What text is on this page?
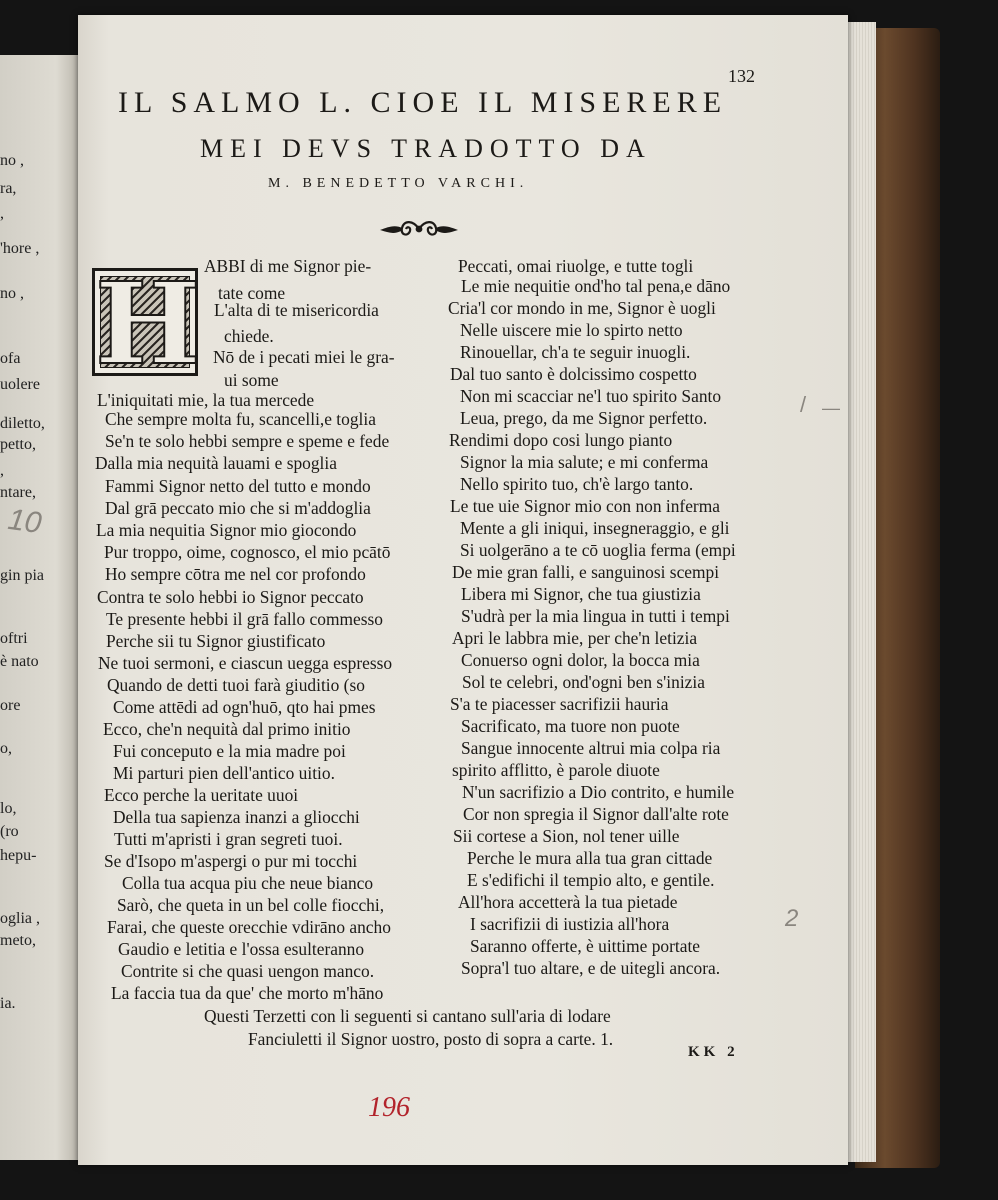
no ,
ra,
,
'hore ,
no ,
ofa
uolere
diletto,
petto,
,
ntare,
gin pia
oftri
è nato
ore
o,
lo,
(ro
hepu-
oglia ,
meto,
ia.
10
132
IL SALMO L. CIOE IL MISERERE
MEI DEVS TRADOTTO DA
M. BENEDETTO VARCHI.
H ABBI di me Signor pie-
tate come
L'alta di te misericordia
chiede.
Nō de i pecati miei le gra-
ui some
L'iniquitati mie, la tua mercede
Che sempre molta fu, scancelli,e toglia
Se'n te solo hebbi sempre e speme e fede
Dalla mia nequità lauami e spoglia
Fammi Signor netto del tutto e mondo
Dal grā peccato mio che si m'addoglia
La mia nequitia Signor mio giocondo
Pur troppo, oime, cognosco, el mio pcātō
Ho sempre cōtra me nel cor profondo
Contra te solo hebbi io Signor peccato
Te presente hebbi il grā fallo commesso
Perche sii tu Signor giustificato
Ne tuoi sermoni, e ciascun uegga espresso
Quando de detti tuoi farà giuditio (so
Come attēdi ad ogn'huō, qto hai pmes
Ecco, che'n nequità dal primo initio
Fui conceputo e la mia madre poi
Mi parturi pien dell'antico uitio.
Ecco perche la ueritate uuoi
Della tua sapienza inanzi a gliocchi
Tutti m'apristi i gran segreti tuoi.
Se d'Isopo m'aspergi o pur mi tocchi
Colla tua acqua piu che neue bianco
Sarò, che queta in un bel colle fiocchi,
Farai, che queste orecchie vdirāno ancho
Gaudio e letitia e l'ossa esulteranno
Contrite si che quasi uengon manco.
La faccia tua da que' che morto m'hāno
Peccati, omai riuolge, e tutte togli
Le mie nequitie ond'ho tal pena,e dāno
Cria'l cor mondo in me, Signor è uogli
Nelle uiscere mie lo spirto netto
Rinouellar, ch'a te seguir inuogli.
Dal tuo santo è dolcissimo cospetto
Non mi scacciar ne'l tuo spirito Santo
Leua, prego, da me Signor perfetto.
Rendimi dopo cosi lungo pianto
Signor la mia salute; e mi conferma
Nello spirito tuo, ch'è largo tanto.
Le tue uie Signor mio con non inferma
Mente a gli iniqui, insegneraggio, e gli
Si uolgerāno a te cō uoglia ferma (empi
De mie gran falli, e sanguinosi scempi
Libera mi Signor, che tua giustizia
S'udrà per la mia lingua in tutti i tempi
Apri le labbra mie, per che'n letizia
Conuerso ogni dolor, la bocca mia
Sol te celebri, ond'ogni ben s'inizia
S'a te piacesser sacrifizii hauria
Sacrificato, ma tuore non puote
Sangue innocente altrui mia colpa ria
spirito afflitto, è parole diuote
N'un sacrifizio a Dio contrito, e humile
Cor non spregia il Signor dall'alte rote
Sii cortese a Sion, nol tener uille
Perche le mura alla tua gran cittade
E s'edifichi il tempio alto, e gentile.
All'hora accetterà la tua pietade
I sacrifizii di iustizia all'hora
Saranno offerte, è uittime portate
Sopra'l tuo altare, e de uitegli ancora.
Questi Terzetti con li seguenti si cantano sull'aria di lodare
Fanciuletti il Signor uostro, posto di sopra a carte. 1.
KK 2
/ —
2
196
